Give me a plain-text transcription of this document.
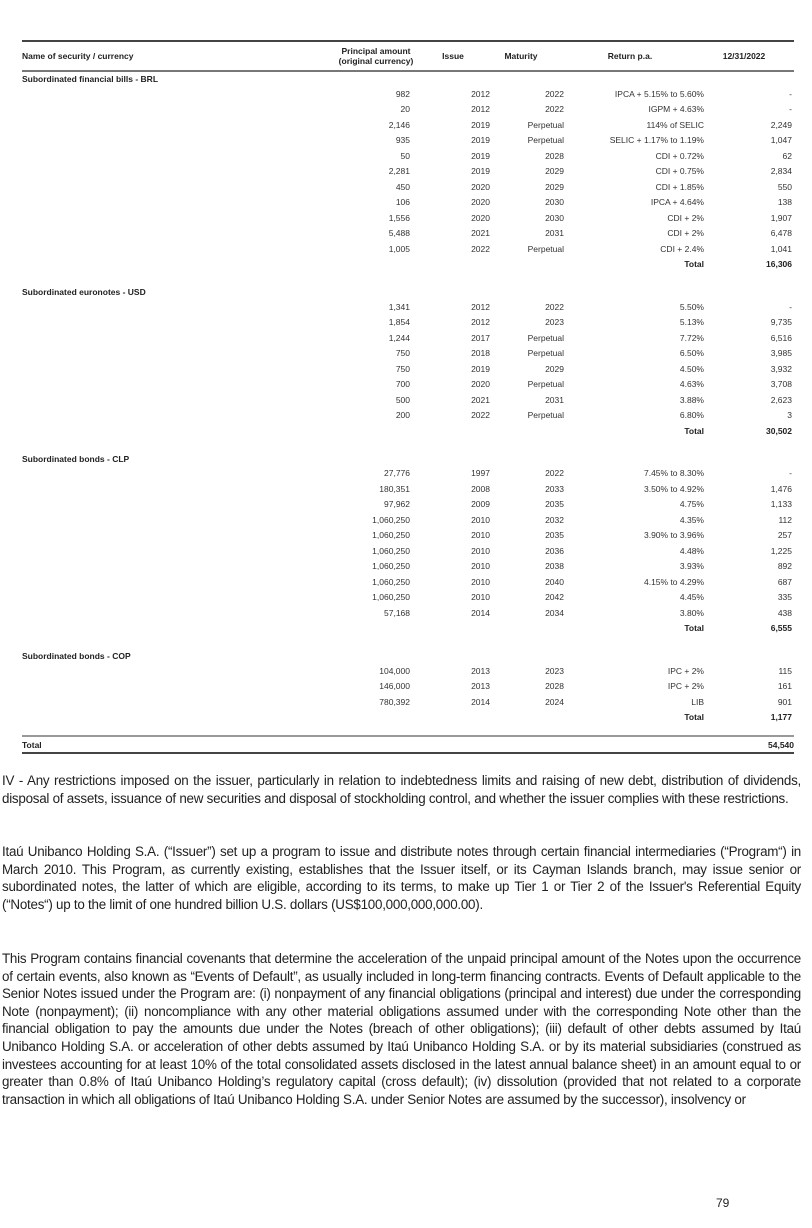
Name of security / currency	Principal amount
(original currency)	Issue	Maturity	Return p.a.	12/31/2022
Subordinated financial bills - BRL
982	2012	2022	IPCA + 5.15% to 5.60%	-
20	2012	2022	IGPM + 4.63%	-
2,146	2019	Perpetual	114% of SELIC	2,249
935	2019	Perpetual	SELIC + 1.17% to 1.19%	1,047
50	2019	2028	CDI + 0.72%	62
2,281	2019	2029	CDI + 0.75%	2,834
450	2020	2029	CDI + 1.85%	550
106	2020	2030	IPCA + 4.64%	138
1,556	2020	2030	CDI + 2%	1,907
5,488	2021	2031	CDI + 2%	6,478
1,005	2022	Perpetual	CDI + 2.4%	1,041
Total	16,306
Subordinated euronotes - USD
1,341	2012	2022	5.50%	-
1,854	2012	2023	5.13%	9,735
1,244	2017	Perpetual	7.72%	6,516
750	2018	Perpetual	6.50%	3,985
750	2019	2029	4.50%	3,932
700	2020	Perpetual	4.63%	3,708
500	2021	2031	3.88%	2,623
200	2022	Perpetual	6.80%	3
Total	30,502
Subordinated bonds - CLP
27,776	1997	2022	7.45% to 8.30%	-
180,351	2008	2033	3.50% to 4.92%	1,476
97,962	2009	2035	4.75%	1,133
1,060,250	2010	2032	4.35%	112
1,060,250	2010	2035	3.90% to 3.96%	257
1,060,250	2010	2036	4.48%	1,225
1,060,250	2010	2038	3.93%	892
1,060,250	2010	2040	4.15% to 4.29%	687
1,060,250	2010	2042	4.45%	335
57,168	2014	2034	3.80%	438
Total	6,555
Subordinated bonds - COP
104,000	2013	2023	IPC + 2%	115
146,000	2013	2028	IPC + 2%	161
780,392	2014	2024	LIB	901
Total	1,177
Total	54,540

IV - Any restrictions imposed on the issuer, particularly in relation to indebtedness limits and raising of new debt, distribution of dividends, disposal of assets, issuance of new securities and disposal of stockholding control, and whether the issuer complies with these restrictions.

Itaú Unibanco Holding S.A. (“Issuer”) set up a program to issue and distribute notes through certain financial intermediaries (“Program“) in March 2010. This Program, as currently existing, establishes that the Issuer itself, or its Cayman Islands branch, may issue senior or subordinated notes, the latter of which are eligible, according to its terms, to make up Tier 1 or Tier 2 of the Issuer's Referential Equity (“Notes“) up to the limit of one hundred billion U.S. dollars (US$100,000,000,000.00).

This Program contains financial covenants that determine the acceleration of the unpaid principal amount of the Notes upon the occurrence of certain events, also known as “Events of Default”, as usually included in long-term financing contracts. Events of Default applicable to the Senior Notes issued under the Program are: (i) nonpayment of any financial obligations (principal and interest) due under the corresponding Note (nonpayment); (ii) noncompliance with any other material obligations assumed under with the corresponding Note other than the financial obligation to pay the amounts due under the Notes (breach of other obligations); (iii) default of other debts assumed by Itaú Unibanco Holding S.A. or acceleration of other debts assumed by Itaú Unibanco Holding S.A. or by its material subsidiaries (construed as investees accounting for at least 10% of the total consolidated assets disclosed in the latest annual balance sheet) in an amount equal to or greater than 0.8% of Itaú Unibanco Holding’s regulatory capital (cross default); (iv) dissolution (provided that not related to a corporate transaction in which all obligations of Itaú Unibanco Holding S.A. under Senior Notes are assumed by the successor), insolvency or

79
